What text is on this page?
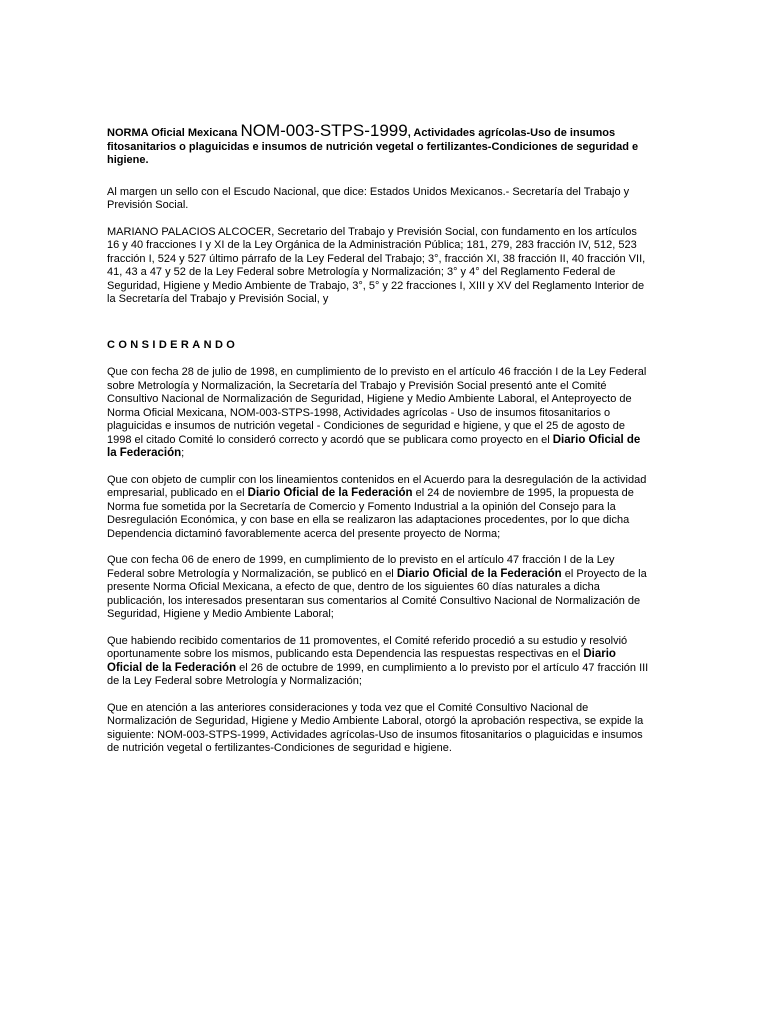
NORMA Oficial Mexicana NOM-003-STPS-1999, Actividades agrícolas-Uso de insumos fitosanitarios o plaguicidas e insumos de nutrición vegetal o fertilizantes-Condiciones de seguridad e higiene.

Al margen un sello con el Escudo Nacional, que dice: Estados Unidos Mexicanos.- Secretaría del Trabajo y Previsión Social.

MARIANO PALACIOS ALCOCER, Secretario del Trabajo y Previsión Social, con fundamento en los artículos 16 y 40 fracciones I y XI de la Ley Orgánica de la Administración Pública; 181, 279, 283 fracción IV, 512, 523 fracción I, 524 y 527 último párrafo de la Ley Federal del Trabajo; 3°, fracción XI, 38 fracción II, 40 fracción VII, 41, 43 a 47 y 52 de la Ley Federal sobre Metrología y Normalización; 3° y 4° del Reglamento Federal de Seguridad, Higiene y Medio Ambiente de Trabajo, 3°, 5° y 22 fracciones I, XIII y XV del Reglamento Interior de la Secretaría del Trabajo y Previsión Social, y

CONSIDERANDO

Que con fecha 28 de julio de 1998, en cumplimiento de lo previsto en el artículo 46 fracción I de la Ley Federal sobre Metrología y Normalización, la Secretaría del Trabajo y Previsión Social presentó ante el Comité Consultivo Nacional de Normalización de Seguridad, Higiene y Medio Ambiente Laboral, el Anteproyecto de Norma Oficial Mexicana, NOM-003-STPS-1998, Actividades agrícolas - Uso de insumos fitosanitarios o plaguicidas e insumos de nutrición vegetal - Condiciones de seguridad e higiene, y que el 25 de agosto de 1998 el citado Comité lo consideró correcto y acordó que se publicara como proyecto en el Diario Oficial de la Federación;

Que con objeto de cumplir con los lineamientos contenidos en el Acuerdo para la desregulación de la actividad empresarial, publicado en el Diario Oficial de la Federación el 24 de noviembre de 1995, la propuesta de Norma fue sometida por la Secretaría de Comercio y Fomento Industrial a la opinión del Consejo para la Desregulación Económica, y con base en ella se realizaron las adaptaciones procedentes, por lo que dicha Dependencia dictaminó favorablemente acerca del presente proyecto de Norma;

Que con fecha 06 de enero de 1999, en cumplimiento de lo previsto en el artículo 47 fracción I de la Ley Federal sobre Metrología y Normalización, se publicó en el Diario Oficial de la Federación el Proyecto de la presente Norma Oficial Mexicana, a efecto de que, dentro de los siguientes 60 días naturales a dicha publicación, los interesados presentaran sus comentarios al Comité Consultivo Nacional de Normalización de Seguridad, Higiene y Medio Ambiente Laboral;

Que habiendo recibido comentarios de 11 promoventes, el Comité referido procedió a su estudio y resolvió oportunamente sobre los mismos, publicando esta Dependencia las respuestas respectivas en el Diario Oficial de la Federación el 26 de octubre de 1999, en cumplimiento a lo previsto por el artículo 47 fracción III de la Ley Federal sobre Metrología y Normalización;

Que en atención a las anteriores consideraciones y toda vez que el Comité Consultivo Nacional de Normalización de Seguridad, Higiene y Medio Ambiente Laboral, otorgó la aprobación respectiva, se expide la siguiente: NOM-003-STPS-1999, Actividades agrícolas-Uso de insumos fitosanitarios o plaguicidas e insumos de nutrición vegetal o fertilizantes-Condiciones de seguridad e higiene.
